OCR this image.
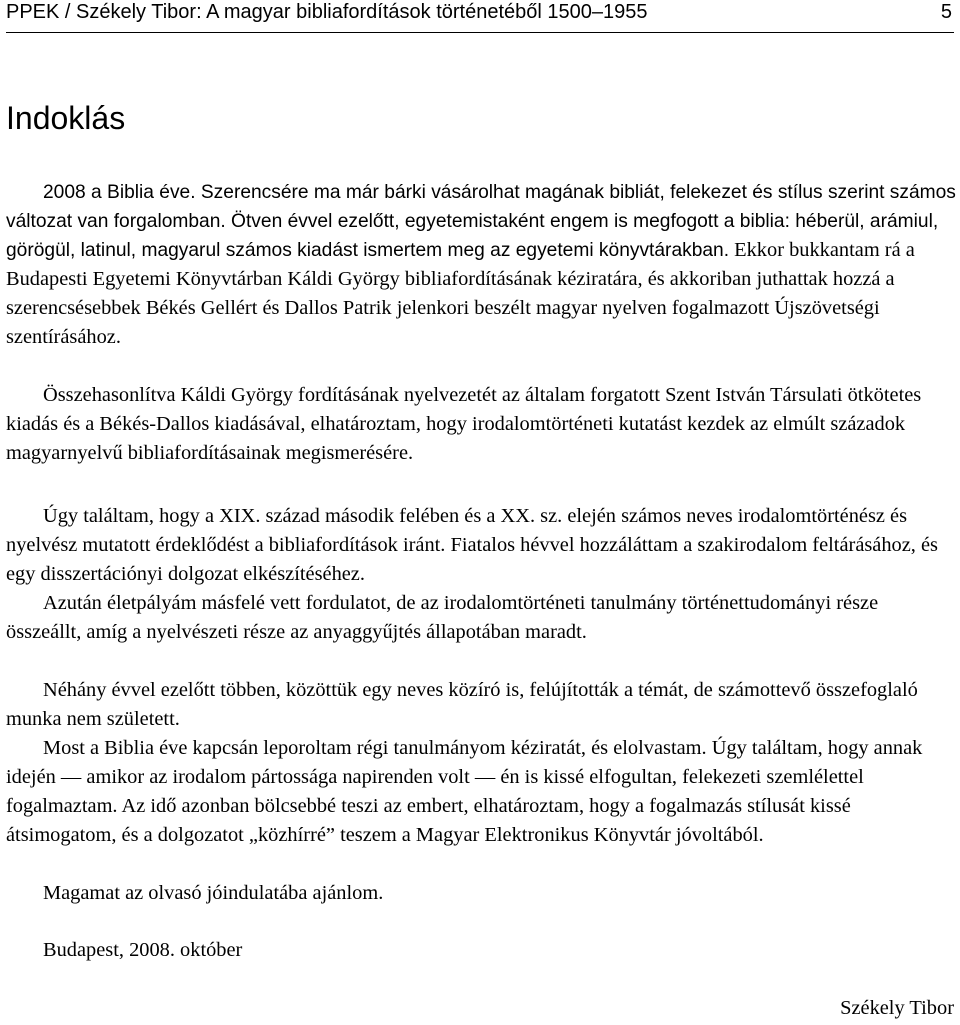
PPEK / Székely Tibor: A magyar bibliafordítások történetéből 1500–1955	5
Indoklás

2008 a Biblia éve. Szerencsére ma már bárki vásárolhat magának bibliát, felekezet és stílus szerint számos változat van forgalomban. Ötven évvel ezelőtt, egyetemistaként engem is megfogott a biblia: héberül, arámiul, görögül, latinul, magyarul számos kiadást ismertem meg az egyetemi könyvtárakban. Ekkor bukkantam rá a Budapesti Egyetemi Könyvtárban Káldi György bibliafordításának kéziratára, és akkoriban juthattak hozzá a szerencsésebbek Békés Gellért és Dallos Patrik jelenkori beszélt magyar nyelven fogalmazott Újszövetségi szentírásához.

Összehasonlítva Káldi György fordításának nyelvezetét az általam forgatott Szent István Társulati ötkötetes kiadás és a Békés-Dallos kiadásával, elhatároztam, hogy irodalomtörténeti kutatást kezdek az elmúlt századok magyarnyelvű bibliafordításainak megismerésére.

Úgy találtam, hogy a XIX. század második felében és a XX. sz. elején számos neves irodalomtörténész és nyelvész mutatott érdeklődést a bibliafordítások iránt. Fiatalos hévvel hozzáláttam a szakirodalom feltárásához, és egy disszertációnyi dolgozat elkészítéséhez.

Azután életpályám másfelé vett fordulatot, de az irodalomtörténeti tanulmány történettudományi része összeállt, amíg a nyelvészeti része az anyaggyűjtés állapotában maradt.

Néhány évvel ezelőtt többen, közöttük egy neves közíró is, felújították a témát, de számottevő összefoglaló munka nem született.

Most a Biblia éve kapcsán leporoltam régi tanulmányom kéziratát, és elolvastam. Úgy találtam, hogy annak idején — amikor az irodalom pártossága napirenden volt — én is kissé elfogultan, felekezeti szemlélettel fogalmaztam. Az idő azonban bölcsebbé teszi az embert, elhatároztam, hogy a fogalmazás stílusát kissé átsimogatom, és a dolgozatot „közhírré” teszem a Magyar Elektronikus Könyvtár jóvoltából.

Magamat az olvasó jóindulatába ajánlom.

Budapest, 2008. október

Székely Tibor
